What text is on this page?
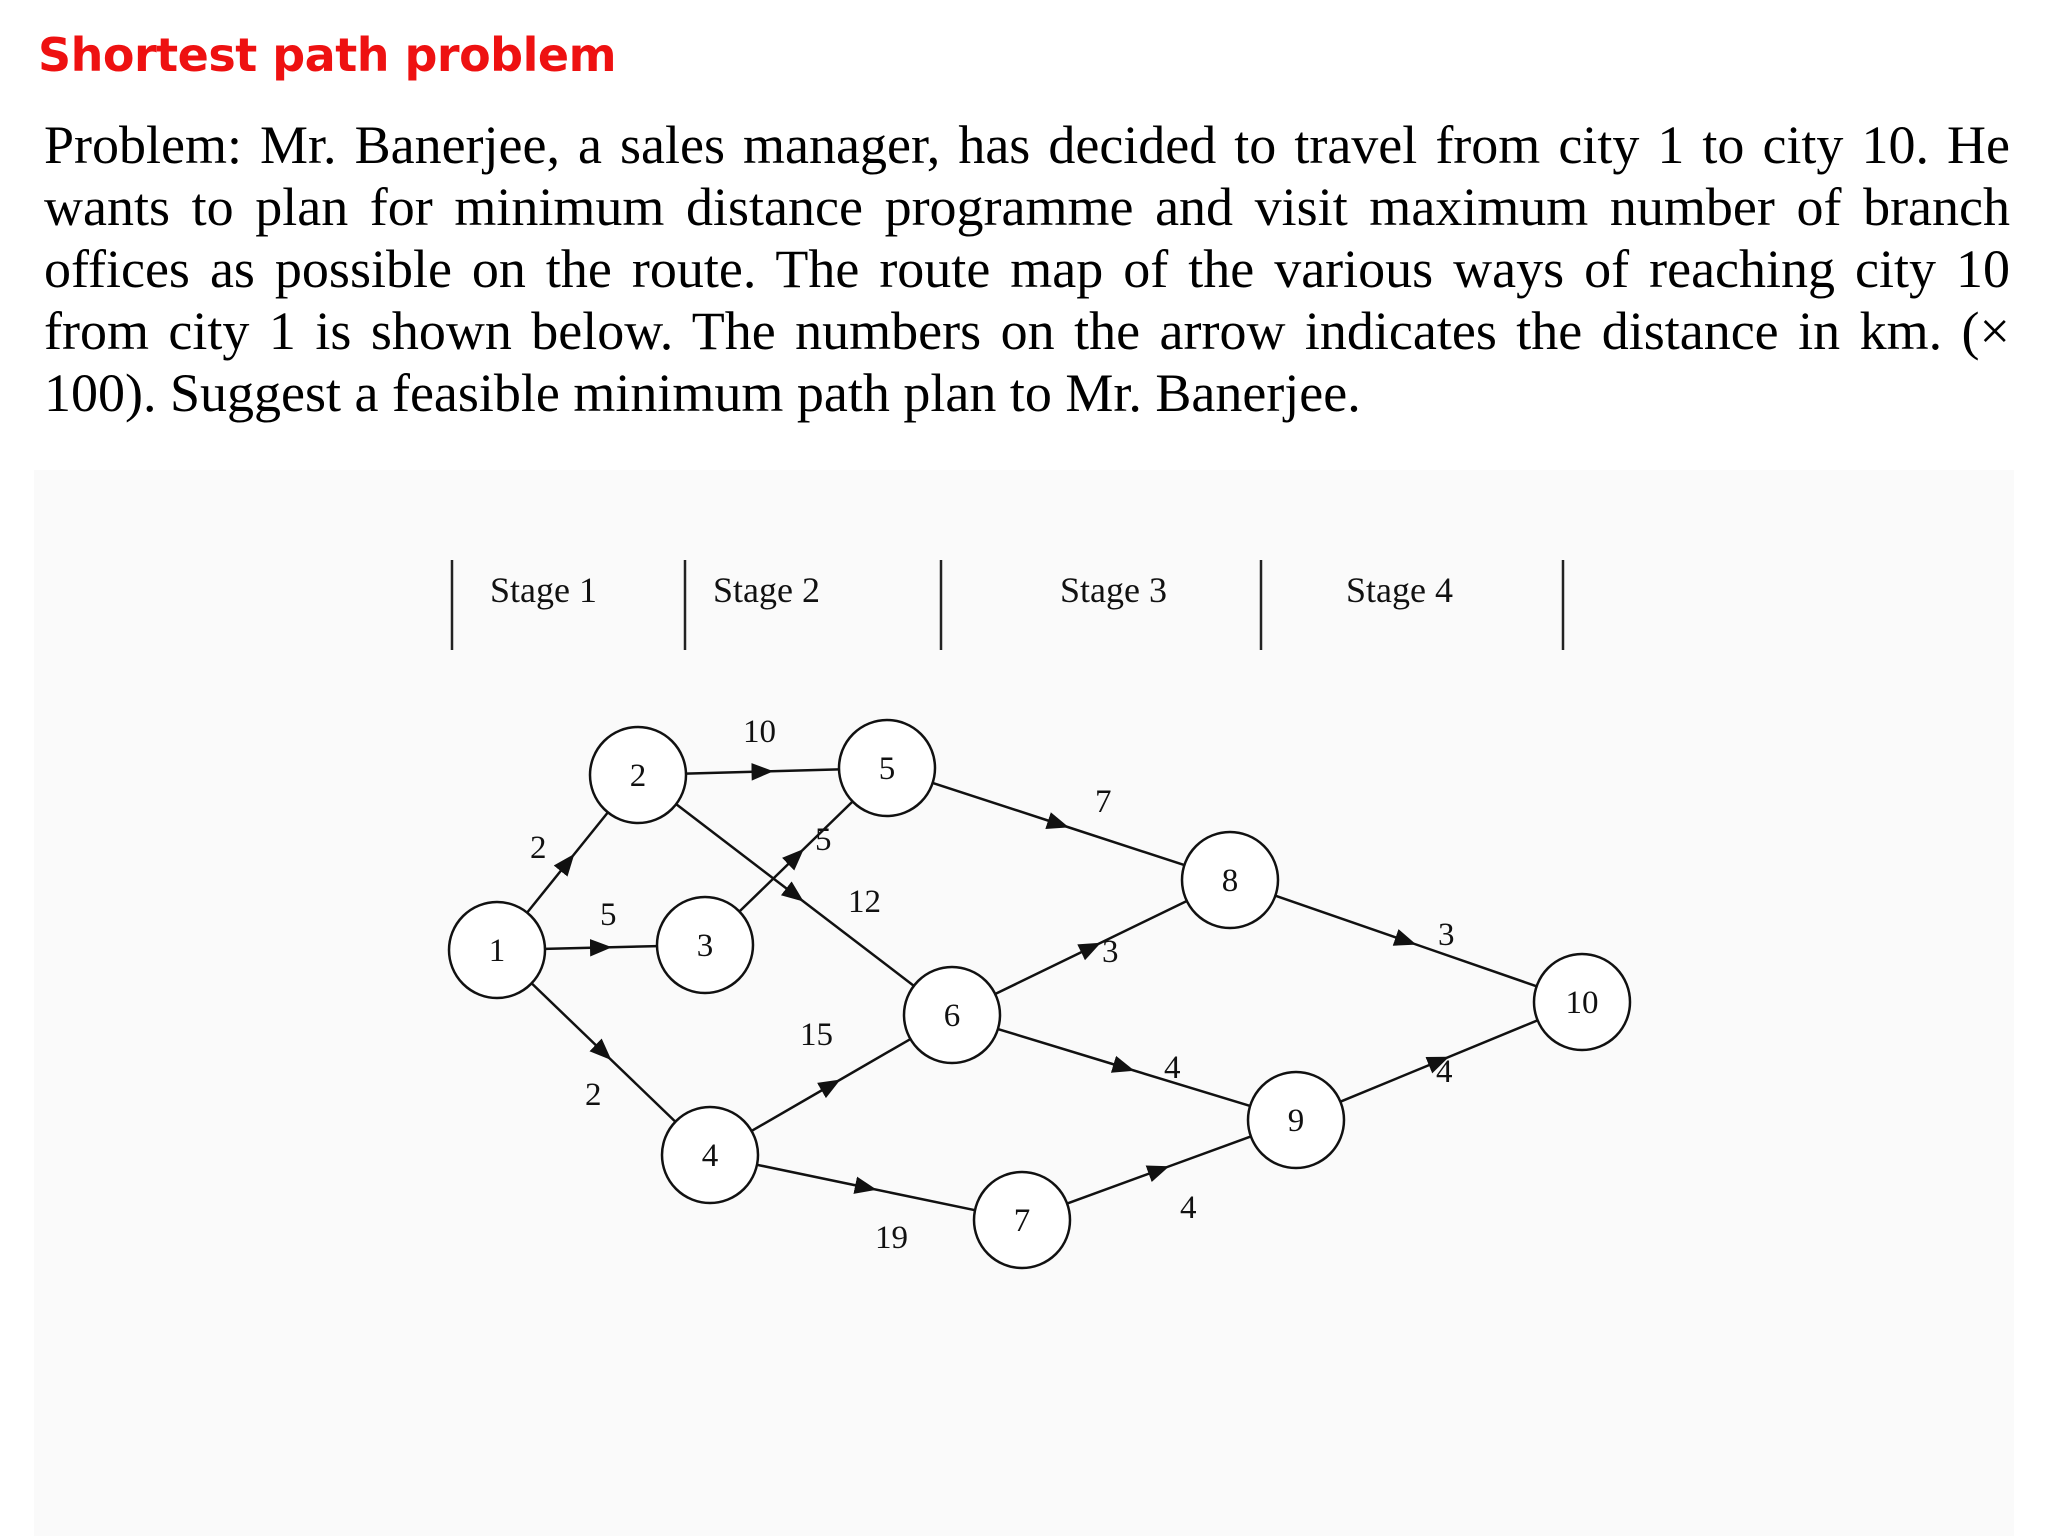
Shortest path problem

Problem: Mr. Banerjee, a sales manager, has decided to travel from city 1 to city 10. He wants to plan for minimum distance programme and visit maximum number of branch offices as possible on the route. The route map of the various ways of reaching city 10 from city 1 is shown below. The numbers on the arrow indicates the distance in km. (× 100). Suggest a feasible minimum path plan to Mr. Banerjee.

Stage 1	Stage 2	Stage 3	Stage 4
2
5
2
10
12
5
15
19
7
3
4
4
3
4
1
2
3
4
5
6
7
8
9
10
